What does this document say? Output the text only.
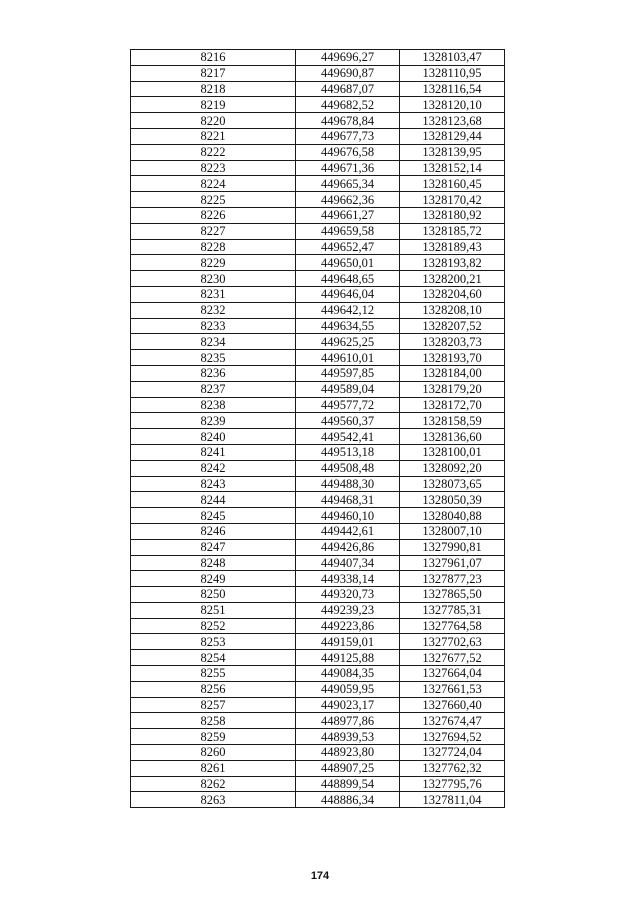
8216	449696,27	1328103,47
8217	449690,87	1328110,95
8218	449687,07	1328116,54
8219	449682,52	1328120,10
8220	449678,84	1328123,68
8221	449677,73	1328129,44
8222	449676,58	1328139,95
8223	449671,36	1328152,14
8224	449665,34	1328160,45
8225	449662,36	1328170,42
8226	449661,27	1328180,92
8227	449659,58	1328185,72
8228	449652,47	1328189,43
8229	449650,01	1328193,82
8230	449648,65	1328200,21
8231	449646,04	1328204,60
8232	449642,12	1328208,10
8233	449634,55	1328207,52
8234	449625,25	1328203,73
8235	449610,01	1328193,70
8236	449597,85	1328184,00
8237	449589,04	1328179,20
8238	449577,72	1328172,70
8239	449560,37	1328158,59
8240	449542,41	1328136,60
8241	449513,18	1328100,01
8242	449508,48	1328092,20
8243	449488,30	1328073,65
8244	449468,31	1328050,39
8245	449460,10	1328040,88
8246	449442,61	1328007,10
8247	449426,86	1327990,81
8248	449407,34	1327961,07
8249	449338,14	1327877,23
8250	449320,73	1327865,50
8251	449239,23	1327785,31
8252	449223,86	1327764,58
8253	449159,01	1327702,63
8254	449125,88	1327677,52
8255	449084,35	1327664,04
8256	449059,95	1327661,53
8257	449023,17	1327660,40
8258	448977,86	1327674,47
8259	448939,53	1327694,52
8260	448923,80	1327724,04
8261	448907,25	1327762,32
8262	448899,54	1327795,76
8263	448886,34	1327811,04
174
